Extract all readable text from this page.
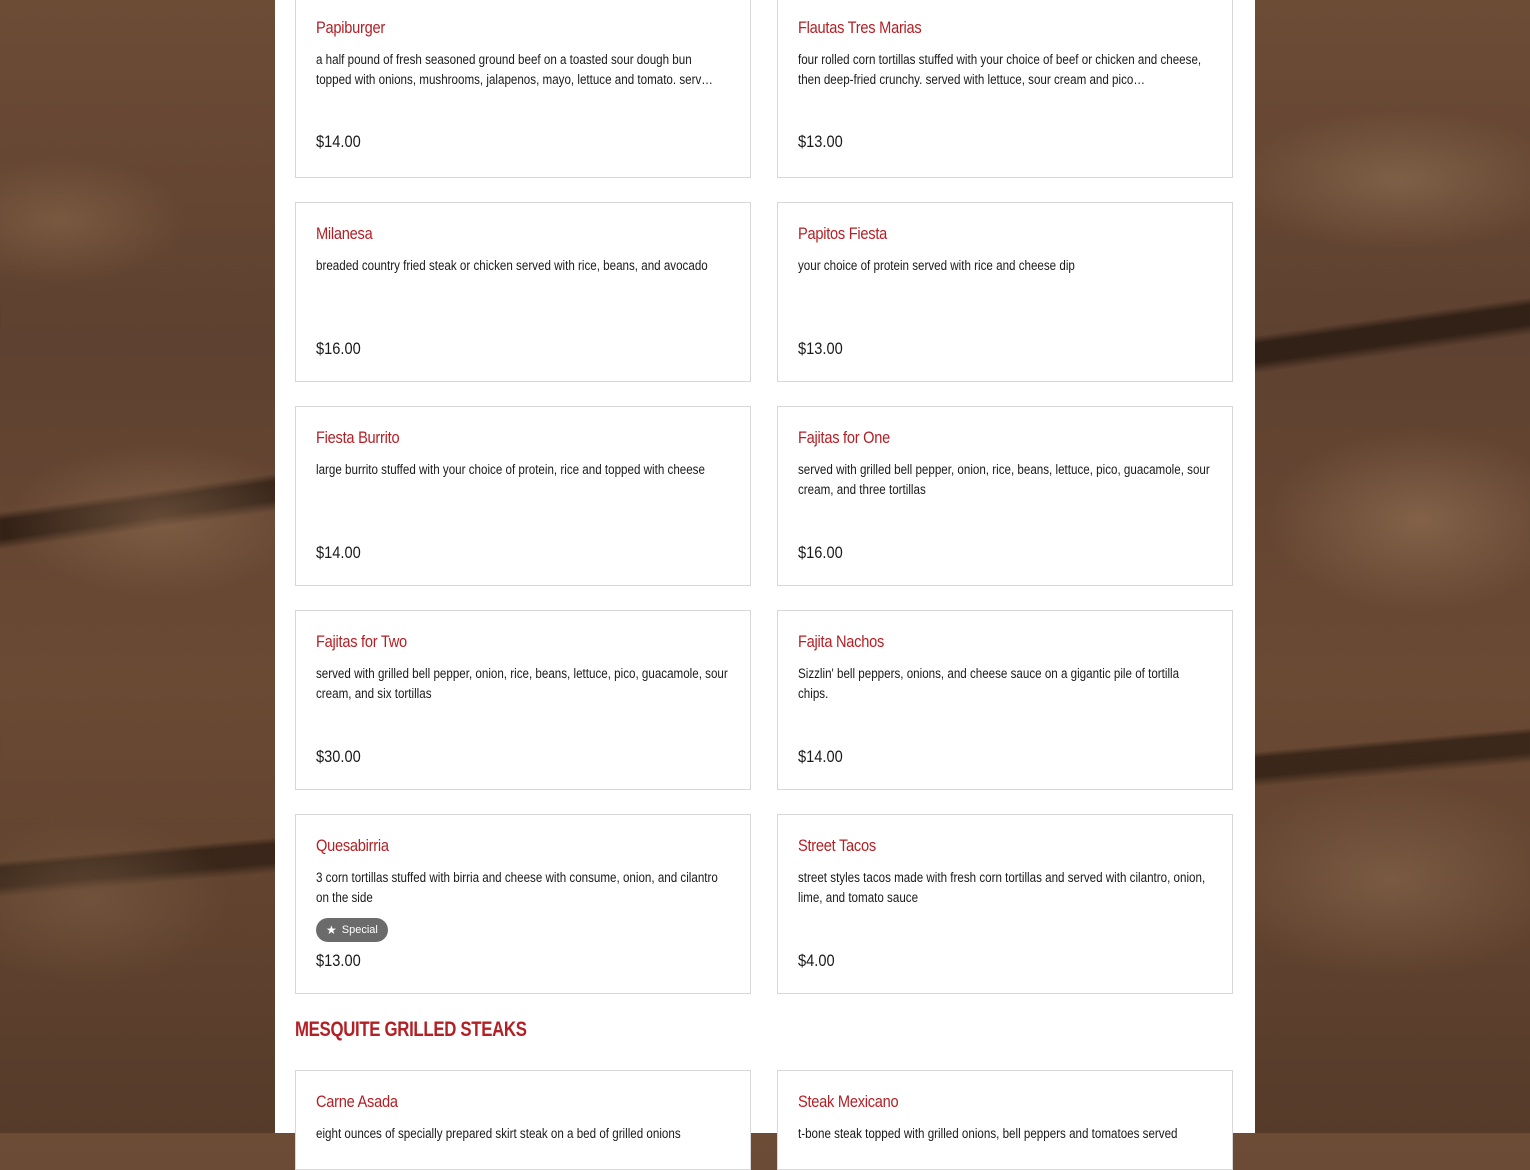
Papiburger
a half pound of fresh seasoned ground beef on a toasted sour dough bun topped with onions, mushrooms, jalapenos, mayo, lettuce and tomato. serv…
$14.00
Flautas Tres Marias
four rolled corn tortillas stuffed with your choice of beef or chicken and cheese, then deep-fried crunchy. served with lettuce, sour cream and pico…
$13.00
Milanesa
breaded country fried steak or chicken served with rice, beans, and avocado
$16.00
Papitos Fiesta
your choice of protein served with rice and cheese dip
$13.00
Fiesta Burrito
large burrito stuffed with your choice of protein, rice and topped with cheese
$14.00
Fajitas for One
served with grilled bell pepper, onion, rice, beans, lettuce, pico, guacamole, sour cream, and three tortillas
$16.00
Fajitas for Two
served with grilled bell pepper, onion, rice, beans, lettuce, pico, guacamole, sour cream, and six tortillas
$30.00
Fajita Nachos
Sizzlin' bell peppers, onions, and cheese sauce on a gigantic pile of tortilla chips.
$14.00
Quesabirria
3 corn tortillas stuffed with birria and cheese with consume, onion, and cilantro on the side
★ Special
$13.00
Street Tacos
street styles tacos made with fresh corn tortillas and served with cilantro, onion, lime, and tomato sauce
$4.00
MESQUITE GRILLED STEAKS
Carne Asada
eight ounces of specially prepared skirt steak on a bed of grilled onions
Steak Mexicano
t-bone steak topped with grilled onions, bell peppers and tomatoes served
